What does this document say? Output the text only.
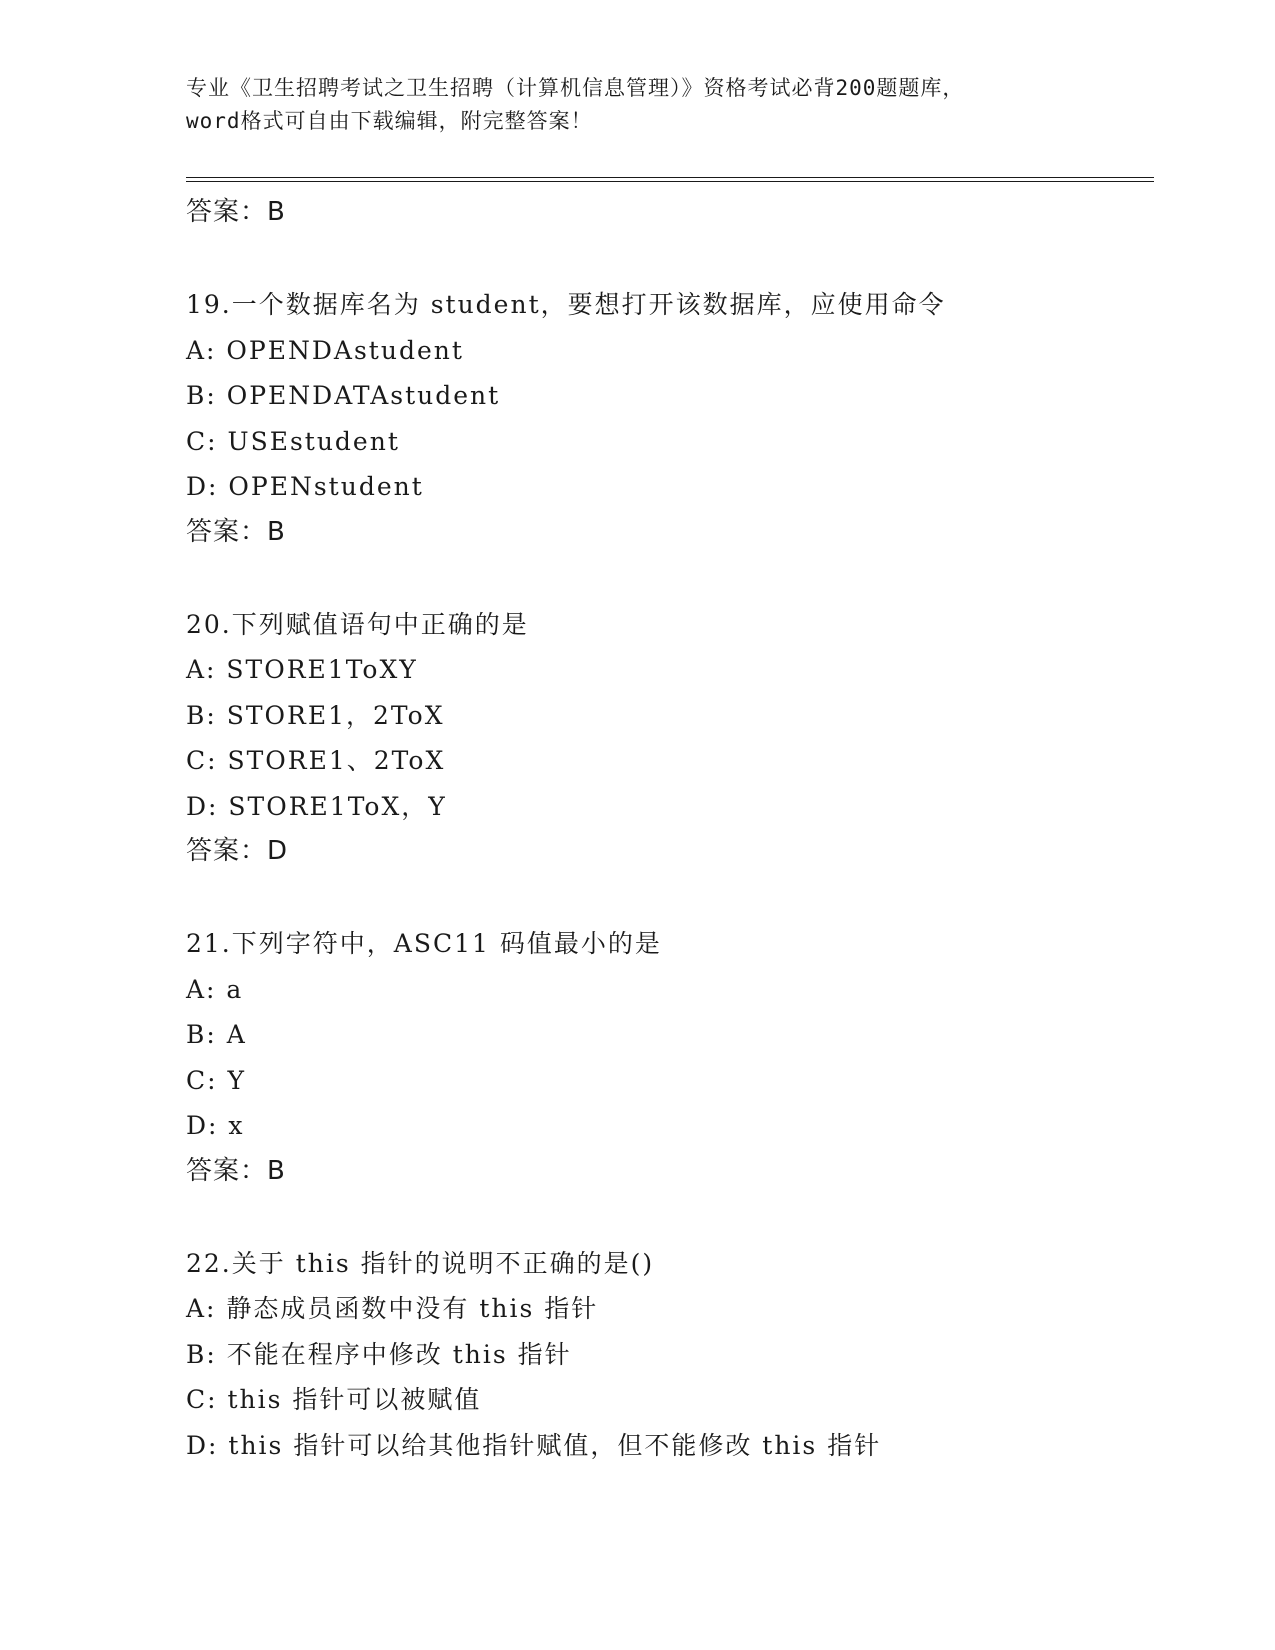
专业《卫生招聘考试之卫生招聘（计算机信息管理）》资格考试必背200题题库，
word格式可自由下载编辑，附完整答案！
答案：B
19.一个数据库名为 student，要想打开该数据库，应使用命令
A: OPENDAstudent
B: OPENDATAstudent
C: USEstudent
D: OPENstudent
答案：B
20.下列赋值语句中正确的是
A: STORE1ToXY
B: STORE1，2ToX
C: STORE1、2ToX
D: STORE1ToX，Y
答案：D
21.下列字符中，ASC11 码值最小的是
A: a
B: A
C: Y
D: x
答案：B
22.关于 this 指针的说明不正确的是()
A: 静态成员函数中没有 this 指针
B: 不能在程序中修改 this 指针
C: this 指针可以被赋值
D: this 指针可以给其他指针赋值，但不能修改 this 指针
